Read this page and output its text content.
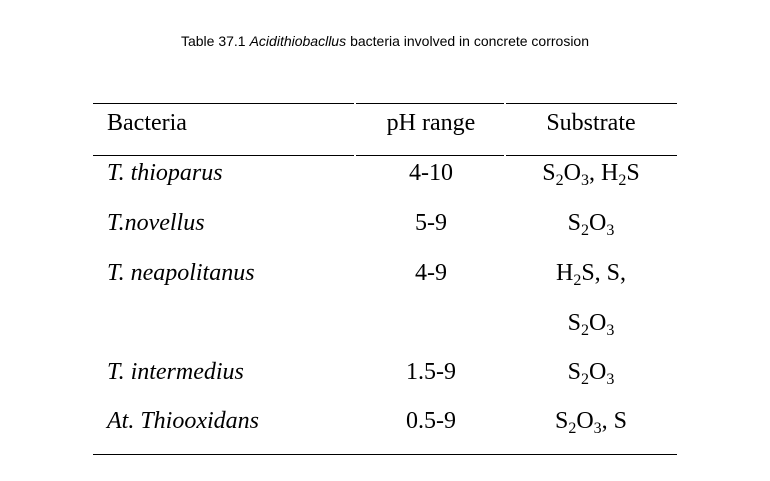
Table 37.1 Acidithiobacllus bacteria involved in concrete corrosion
Bacteria	pH range	Substrate
T. thioparus	4-10	$S_2O_3$, $H_2S$
T.novellus	5-9	$S_2O_3$
T. neapolitanus	4-9	$H_2S$, S,
$S_2O_3$
T. intermedius	1.5-9	$S_2O_3$
At. Thiooxidans	0.5-9	$S_2O_3$, S
